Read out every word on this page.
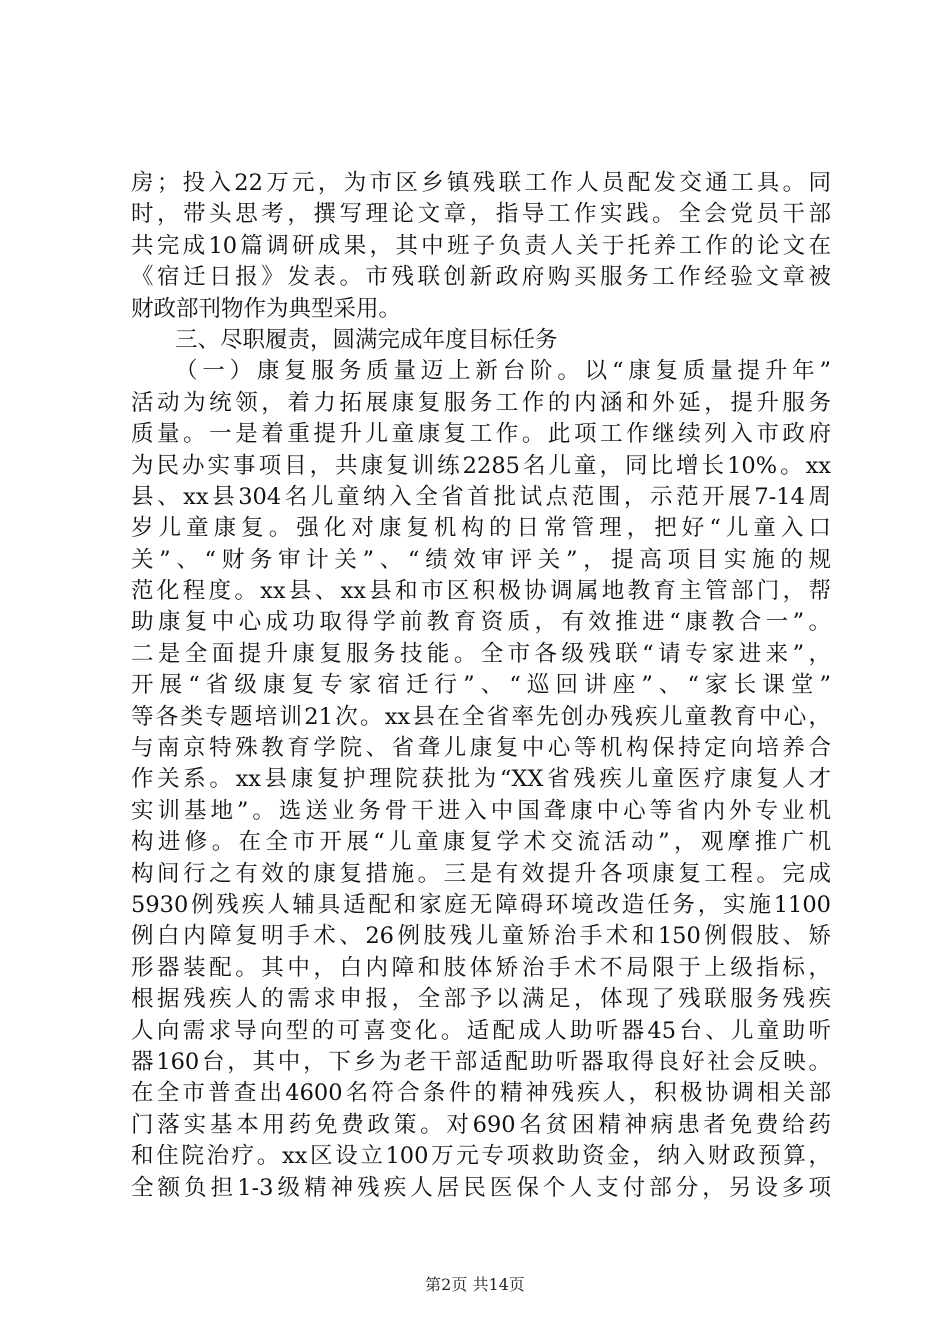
房；投入22万元，为市区乡镇残联工作人员配发交通工具。同
时，带头思考，撰写理论文章，指导工作实践。全会党员干部
共完成10篇调研成果，其中班子负责人关于托养工作的论文在
《宿迁日报》发表。市残联创新政府购买服务工作经验文章被
财政部刊物作为典型采用。
三、尽职履责，圆满完成年度目标任务
（一）康复服务质量迈上新台阶。以“康复质量提升年”
活动为统领，着力拓展康复服务工作的内涵和外延，提升服务
质量。一是着重提升儿童康复工作。此项工作继续列入市政府
为民办实事项目，共康复训练2285名儿童，同比增长10%。xx
县、xx县304名儿童纳入全省首批试点范围，示范开展7-14周
岁儿童康复。强化对康复机构的日常管理，把好“儿童入口
关”、“财务审计关”、“绩效审评关”，提高项目实施的规
范化程度。xx县、xx县和市区积极协调属地教育主管部门，帮
助康复中心成功取得学前教育资质，有效推进“康教合一”。
二是全面提升康复服务技能。全市各级残联“请专家进来”，
开展“省级康复专家宿迁行”、“巡回讲座”、“家长课堂”
等各类专题培训21次。xx县在全省率先创办残疾儿童教育中心，
与南京特殊教育学院、省聋儿康复中心等机构保持定向培养合
作关系。xx县康复护理院获批为“XX省残疾儿童医疗康复人才
实训基地”。选送业务骨干进入中国聋康中心等省内外专业机
构进修。在全市开展“儿童康复学术交流活动”，观摩推广机
构间行之有效的康复措施。三是有效提升各项康复工程。完成
5930例残疾人辅具适配和家庭无障碍环境改造任务，实施1100
例白内障复明手术、26例肢残儿童矫治手术和150例假肢、矫
形器装配。其中，白内障和肢体矫治手术不局限于上级指标，
根据残疾人的需求申报，全部予以满足，体现了残联服务残疾
人向需求导向型的可喜变化。适配成人助听器45台、儿童助听
器160台，其中，下乡为老干部适配助听器取得良好社会反映。
在全市普查出4600名符合条件的精神残疾人，积极协调相关部
门落实基本用药免费政策。对690名贫困精神病患者免费给药
和住院治疗。xx区设立100万元专项救助资金，纳入财政预算，
全额负担1-3级精神残疾人居民医保个人支付部分，另设多项
第2页 共14页
